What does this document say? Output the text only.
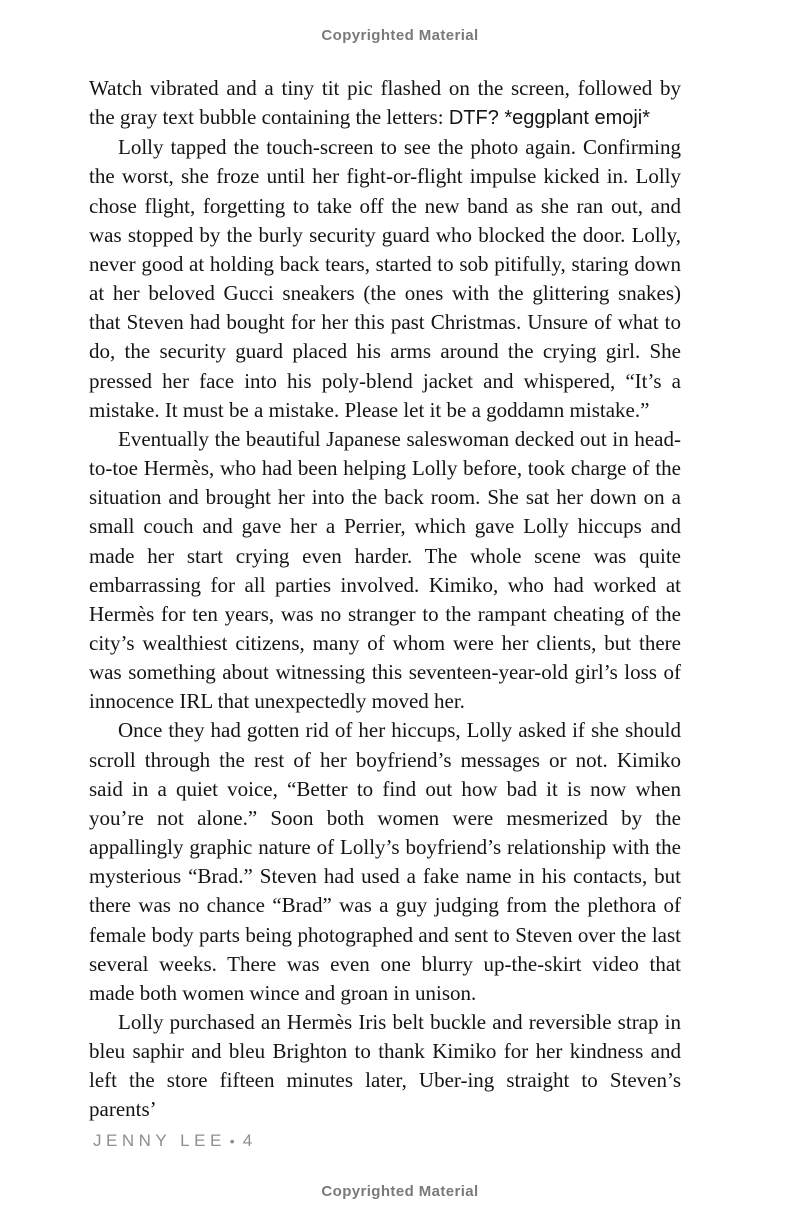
Copyrighted Material

Watch vibrated and a tiny tit pic flashed on the screen, followed by the gray text bubble containing the letters: DTF? *eggplant emoji*

Lolly tapped the touch-screen to see the photo again. Confirming the worst, she froze until her fight-or-flight impulse kicked in. Lolly chose flight, forgetting to take off the new band as she ran out, and was stopped by the burly security guard who blocked the door. Lolly, never good at holding back tears, started to sob pitifully, staring down at her beloved Gucci sneakers (the ones with the glittering snakes) that Steven had bought for her this past Christmas. Unsure of what to do, the security guard placed his arms around the crying girl. She pressed her face into his poly-blend jacket and whispered, “It’s a mistake. It must be a mistake. Please let it be a goddamn mistake.”

Eventually the beautiful Japanese saleswoman decked out in head-to-toe Hermès, who had been helping Lolly before, took charge of the situation and brought her into the back room. She sat her down on a small couch and gave her a Perrier, which gave Lolly hiccups and made her start crying even harder. The whole scene was quite embarrassing for all parties involved. Kimiko, who had worked at Hermès for ten years, was no stranger to the rampant cheating of the city’s wealthiest citizens, many of whom were her clients, but there was something about witnessing this seventeen-year-old girl’s loss of innocence IRL that unexpectedly moved her.

Once they had gotten rid of her hiccups, Lolly asked if she should scroll through the rest of her boyfriend’s messages or not. Kimiko said in a quiet voice, “Better to find out how bad it is now when you’re not alone.” Soon both women were mesmerized by the appallingly graphic nature of Lolly’s boyfriend’s relationship with the mysterious “Brad.” Steven had used a fake name in his contacts, but there was no chance “Brad” was a guy judging from the plethora of female body parts being photographed and sent to Steven over the last several weeks. There was even one blurry up-the-skirt video that made both women wince and groan in unison.

Lolly purchased an Hermès Iris belt buckle and reversible strap in bleu saphir and bleu Brighton to thank Kimiko for her kindness and left the store fifteen minutes later, Uber-ing straight to Steven’s parents’

JENNY LEE • 4
Copyrighted Material
